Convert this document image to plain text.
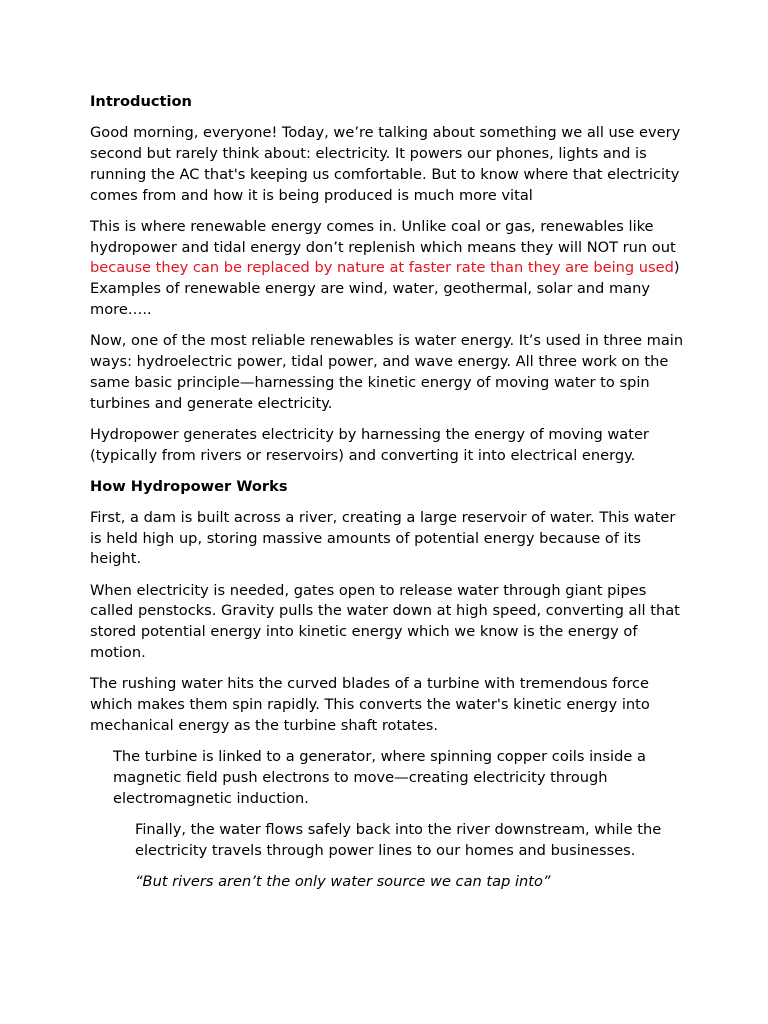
Introduction

Good morning, everyone! Today, we’re talking about something we all use every second but rarely think about: electricity. It powers our phones, lights and is running the AC that's keeping us comfortable. But to know where that electricity comes from and how it is being produced is much more vital

This is where renewable energy comes in. Unlike coal or gas, renewables like hydropower and tidal energy don’t replenish which means they will NOT run out because they can be replaced by nature at faster rate than they are being used) Examples of renewable energy are wind, water, geothermal, solar and many more…..

Now, one of the most reliable renewables is water energy. It’s used in three main ways: hydroelectric power, tidal power, and wave energy. All three work on the same basic principle—harnessing the kinetic energy of moving water to spin turbines and generate electricity.

Hydropower generates electricity by harnessing the energy of moving water (typically from rivers or reservoirs) and converting it into electrical energy.

How Hydropower Works

First, a dam is built across a river, creating a large reservoir of water. This water is held high up, storing massive amounts of potential energy because of its height.

When electricity is needed, gates open to release water through giant pipes called penstocks. Gravity pulls the water down at high speed, converting all that stored potential energy into kinetic energy which we know is the energy of motion.

The rushing water hits the curved blades of a turbine with tremendous force which makes them spin rapidly. This converts the water's kinetic energy into mechanical energy as the turbine shaft rotates.

The turbine is linked to a generator, where spinning copper coils inside a magnetic field push electrons to move—creating electricity through electromagnetic induction.

Finally, the water flows safely back into the river downstream, while the electricity travels through power lines to our homes and businesses.

“But rivers aren’t the only water source we can tap into”
